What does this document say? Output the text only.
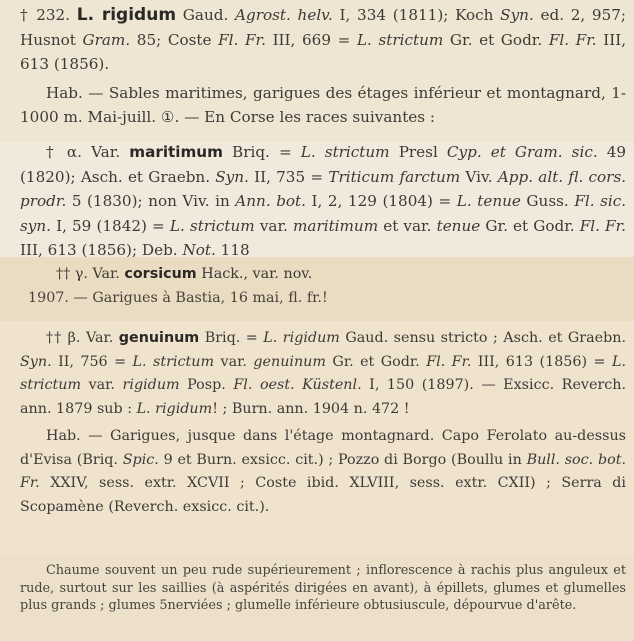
† 232. L. rigidum Gaud. Agrost. helv. I, 334 (1811); Koch Syn. ed. 2, 957; Husnot Gram. 85; Coste Fl. Fr. III, 669 = L. strictum Gr. et Godr. Fl. Fr. III, 613 (1856).

Hab. — Sables maritimes, garigues des étages inférieur et montagnard, 1-1000 m. Mai-juill. ①. — En Corse les races suivantes :

† α. Var. maritimum Briq. = L. strictum Presl Cyp. et Gram. sic. 49 (1820); Asch. et Graebn. Syn. II, 735 = Triticum farctum Viv. App. alt. fl. cors. prodr. 5 (1830); non Viv. in Ann. bot. I, 2, 129 (1804) = L. tenue Guss. Fl. sic. syn. I, 59 (1842) = L. strictum var. maritimum et var. tenue Gr. et Godr. Fl. Fr. III, 613 (1856); Deb. Not. 118

†† γ. Var. corsicum Hack., var. nov.

1907. — Garigues à Bastia, 16 mai, fl. fr.!

†† β. Var. genuinum Briq. = L. rigidum Gaud. sensu stricto ; Asch. et Graebn. Syn. II, 756 = L. strictum var. genuinum Gr. et Godr. Fl. Fr. III, 613 (1856) = L. strictum var. rigidum Posp. Fl. oest. Küstenl. I, 150 (1897). — Exsicc. Reverch. ann. 1879 sub : L. rigidum! ; Burn. ann. 1904 n. 472 !

Hab. — Garigues, jusque dans l'étage montagnard. Capo Ferolato au-dessus d'Evisa (Briq. Spic. 9 et Burn. exsicc. cit.) ; Pozzo di Borgo (Boullu in Bull. soc. bot. Fr. XXIV, sess. extr. XCVII ; Coste ibid. XLVIII, sess. extr. CXII) ; Serra di Scopamène (Reverch. exsicc. cit.).

Chaume souvent un peu rude supérieurement ; inflorescence à rachis plus anguleux et rude, surtout sur les saillies (à aspérités dirigées en avant), à épillets, glumes et glumelles plus grands ; glumes 5nerviées ; glumelle inférieure obtusiuscule, dépourvue d'arête.
